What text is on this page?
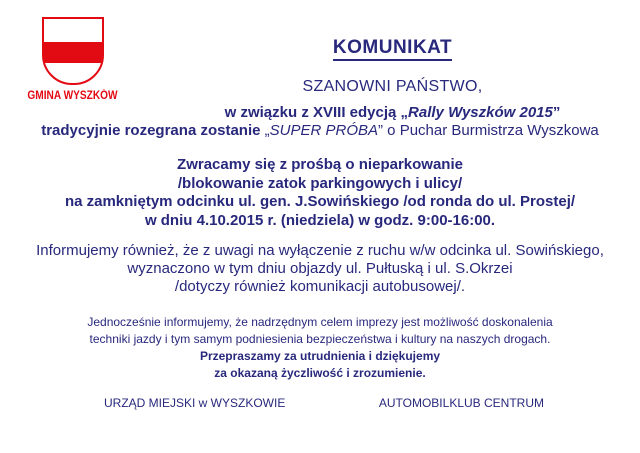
GMINA WYSZKÓW
KOMUNIKAT
SZANOWNI PAŃSTWO,
w związku z XVIII edycją „Rally Wyszków 2015”
tradycyjnie rozegrana zostanie „SUPER PRÓBA” o Puchar Burmistrza Wyszkowa
Zwracamy się z prośbą o nieparkowanie
/blokowanie zatok parkingowych i ulicy/
na zamkniętym odcinku ul. gen. J.Sowińskiego /od ronda do ul. Prostej/
w dniu 4.10.2015 r. (niedziela) w godz. 9:00-16:00.
Informujemy również, że z uwagi na wyłączenie z ruchu w/w odcinka ul. Sowińskiego,
wyznaczono w tym dniu objazdy ul. Pułtuską i ul. S.Okrzei
/dotyczy również komunikacji autobusowej/.
Jednocześnie informujemy, że nadrzędnym celem imprezy jest możliwość doskonalenia
techniki jazdy i tym samym podniesienia bezpieczeństwa i kultury na naszych drogach.
Przepraszamy za utrudnienia i dziękujemy
za okazaną życzliwość i zrozumienie.
URZĄD MIEJSKI w WYSZKOWIE	AUTOMOBILKLUB CENTRUM
